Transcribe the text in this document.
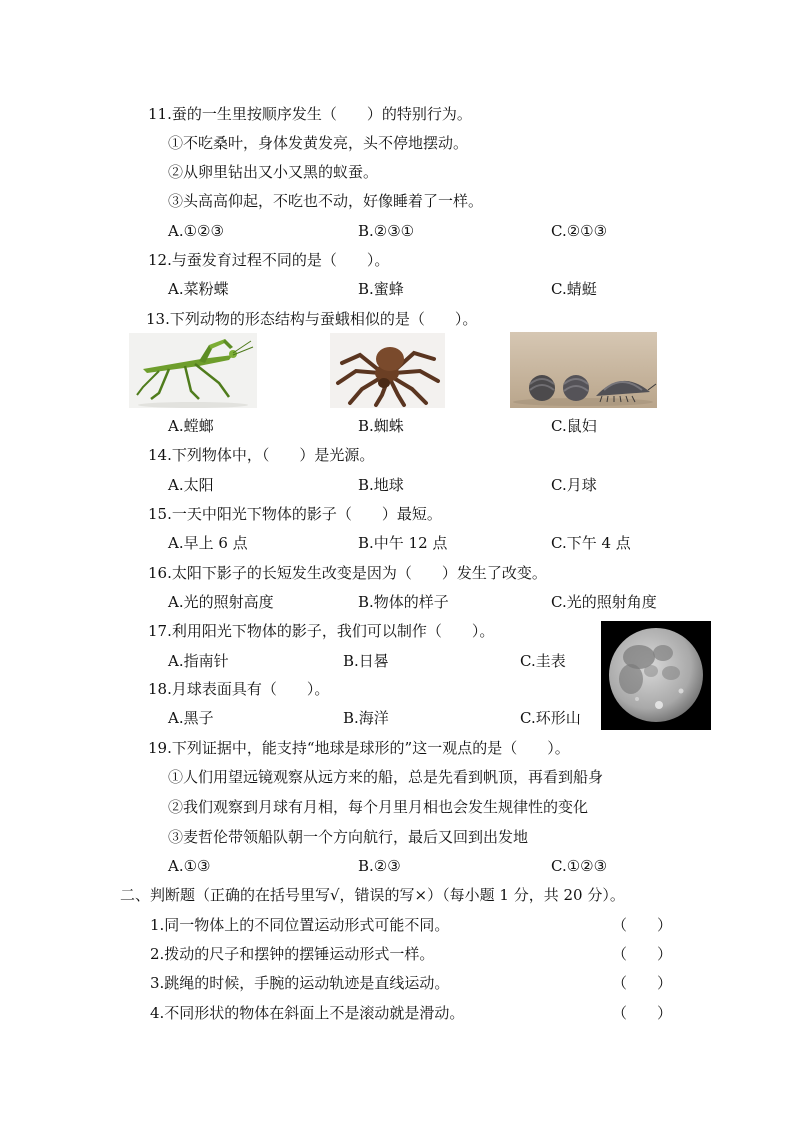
11.蚕的一生里按顺序发生（　　）的特别行为。
①不吃桑叶，身体发黄发亮，头不停地摆动。
②从卵里钻出又小又黑的蚁蚕。
③头高高仰起，不吃也不动，好像睡着了一样。
A.①②③	B.②③①	C.②①③
12.与蚕发育过程不同的是（　　）。
A.菜粉蝶	B.蜜蜂	C.蜻蜓
13.下列动物的形态结构与蚕蛾相似的是（　　）。
A.螳螂	B.蜘蛛	C.鼠妇
14.下列物体中，（　　）是光源。
A.太阳	B.地球	C.月球
15.一天中阳光下物体的影子（　　）最短。
A.早上 6 点	B.中午 12 点	C.下午 4 点
16.太阳下影子的长短发生改变是因为（　　）发生了改变。
A.光的照射高度	B.物体的样子	C.光的照射角度
17.利用阳光下物体的影子，我们可以制作（　　）。
A.指南针	B.日晷	C.圭表
18.月球表面具有（　　）。
A.黑子	B.海洋	C.环形山
19.下列证据中，能支持“地球是球形的”这一观点的是（　　）。
①人们用望远镜观察从远方来的船，总是先看到帆顶，再看到船身
②我们观察到月球有月相，每个月里月相也会发生规律性的变化
③麦哲伦带领船队朝一个方向航行，最后又回到出发地
A.①③	B.②③	C.①②③
二、判断题（正确的在括号里写√，错误的写×）（每小题 1 分，共 20 分）。
1.同一物体上的不同位置运动形式可能不同。	（　　）
2.拨动的尺子和摆钟的摆锤运动形式一样。	（　　）
3.跳绳的时候，手腕的运动轨迹是直线运动。	（　　）
4.不同形状的物体在斜面上不是滚动就是滑动。	（　　）
